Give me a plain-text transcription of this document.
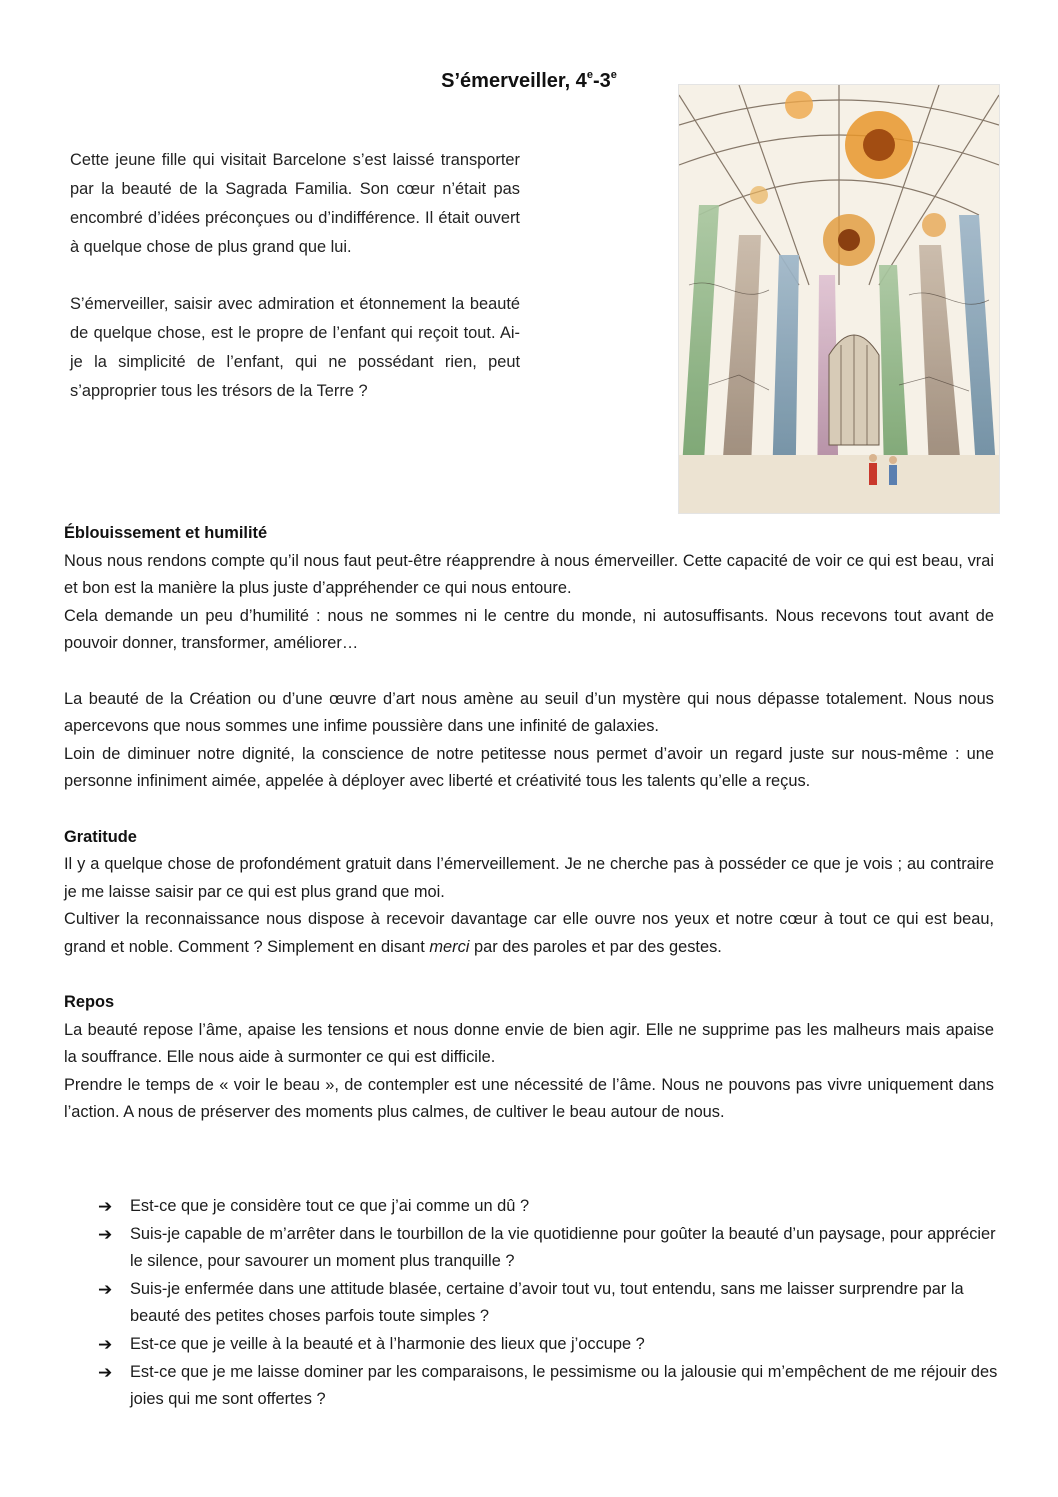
S’émerveiller, 4e-3e

Cette jeune fille qui visitait Barcelone s’est laissé transporter par la beauté de la Sagrada Familia. Son cœur n’était pas encombré d’idées préconçues ou d’indifférence. Il était ouvert à quelque chose de plus grand que lui.

S’émerveiller, saisir avec admiration et étonnement la beauté de quelque chose, est le propre de l’enfant qui reçoit tout. Ai-je la simplicité de l’enfant, qui ne possédant rien, peut s’approprier tous les trésors de la Terre ?

Éblouissement et humilité

Nous nous rendons compte qu’il nous faut peut-être réapprendre à nous émerveiller. Cette capacité de voir ce qui est beau, vrai et bon est la manière la plus juste d’appréhender ce qui nous entoure.

Cela demande un peu d’humilité : nous ne sommes ni le centre du monde, ni autosuffisants. Nous recevons tout avant de pouvoir donner, transformer, améliorer…

La beauté de la Création ou d’une œuvre d’art nous amène au seuil d’un mystère qui nous dépasse totalement. Nous nous apercevons que nous sommes une infime poussière dans une infinité de galaxies.

Loin de diminuer notre dignité, la conscience de notre petitesse nous permet d’avoir un regard juste sur nous-même : une personne infiniment aimée, appelée à déployer avec liberté et créativité tous les talents qu’elle a reçus.

Gratitude

Il y a quelque chose de profondément gratuit dans l’émerveillement. Je ne cherche pas à posséder ce que je vois ; au contraire je me laisse saisir par ce qui est plus grand que moi.

Cultiver la reconnaissance nous dispose à recevoir davantage car elle ouvre nos yeux et notre cœur à tout ce qui est beau, grand et noble. Comment ? Simplement en disant merci par des paroles et par des gestes.

Repos

La beauté repose l’âme, apaise les tensions et nous donne envie de bien agir. Elle ne supprime pas les malheurs mais apaise la souffrance. Elle nous aide à surmonter ce qui est difficile.

Prendre le temps de « voir le beau », de contempler est une nécessité de l’âme. Nous ne pouvons pas vivre uniquement dans l’action. A nous de préserver des moments plus calmes, de cultiver le beau autour de nous.

➔ Est-ce que je considère tout ce que j’ai comme un dû ?
➔ Suis-je capable de m’arrêter dans le tourbillon de la vie quotidienne pour goûter la beauté d’un paysage, pour apprécier le silence, pour savourer un moment plus tranquille ?
➔ Suis-je enfermée dans une attitude blasée, certaine d’avoir tout vu, tout entendu, sans me laisser surprendre par la beauté des petites choses parfois toute simples ?
➔ Est-ce que je veille à la beauté et à l’harmonie des lieux que j’occupe ?
➔ Est-ce que je me laisse dominer par les comparaisons, le pessimisme ou la jalousie qui m’empêchent de me réjouir des joies qui me sont offertes ?
